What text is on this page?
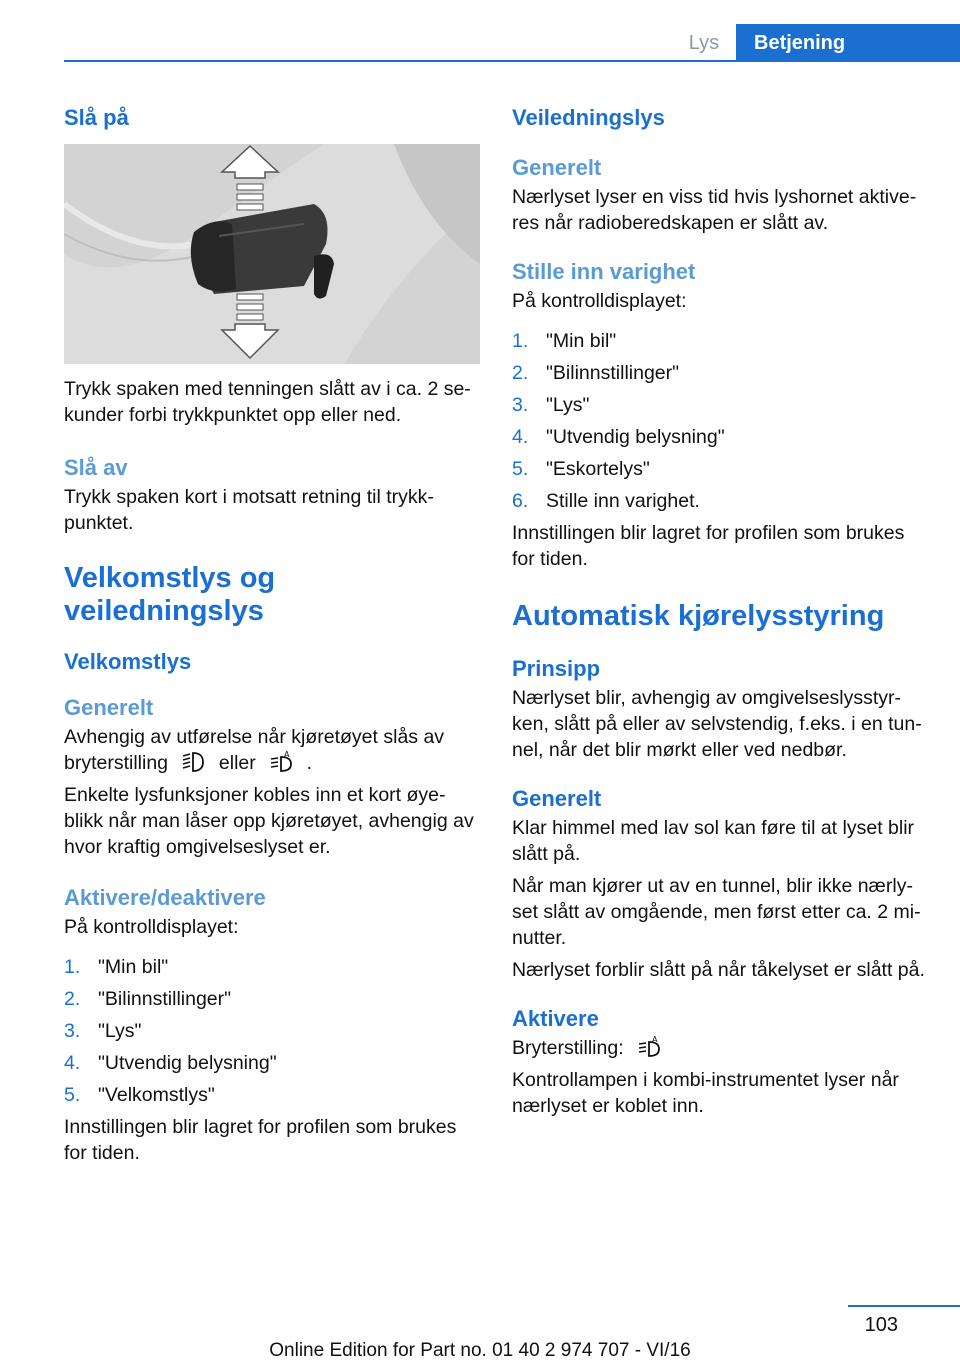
Lys	Betjening
Slå på
Trykk spaken med tenningen slått av i ca. 2 se-kunder forbi trykkpunktet opp eller ned.
Slå av
Trykk spaken kort i motsatt retning til trykk-punktet.
Velkomstlys og veiledningslys
Velkomstlys
Generelt
Avhengig av utførelse når kjøretøyet slås av bryterstilling	eller	A .
Enkelte lysfunksjoner kobles inn et kort øye-blikk når man låser opp kjøretøyet, avhengig av hvor kraftig omgivelseslyset er.
Aktivere/deaktivere
På kontrolldisplayet:
1. "Min bil"
2. "Bilinnstillinger"
3. "Lys"
4. "Utvendig belysning"
5. "Velkomstlys"
Innstillingen blir lagret for profilen som brukes for tiden.
Veiledningslys
Generelt
Nærlyset lyser en viss tid hvis lyshornet aktive-res når radioberedskapen er slått av.
Stille inn varighet
På kontrolldisplayet:
1. "Min bil"
2. "Bilinnstillinger"
3. "Lys"
4. "Utvendig belysning"
5. "Eskortelys"
6. Stille inn varighet.
Innstillingen blir lagret for profilen som brukes for tiden.
Automatisk kjørelysstyring
Prinsipp
Nærlyset blir, avhengig av omgivelseslysstyr-ken, slått på eller av selvstendig, f.eks. i en tun-nel, når det blir mørkt eller ved nedbør.
Generelt
Klar himmel med lav sol kan føre til at lyset blir slått på.
Når man kjører ut av en tunnel, blir ikke nærly-set slått av omgående, men først etter ca. 2 mi-nutter.
Nærlyset forblir slått på når tåkelyset er slått på.
Aktivere
Bryterstilling:	A
Kontrollampen i kombi-instrumentet lyser når nærlyset er koblet inn.
103
Online Edition for Part no. 01 40 2 974 707 - VI/16
